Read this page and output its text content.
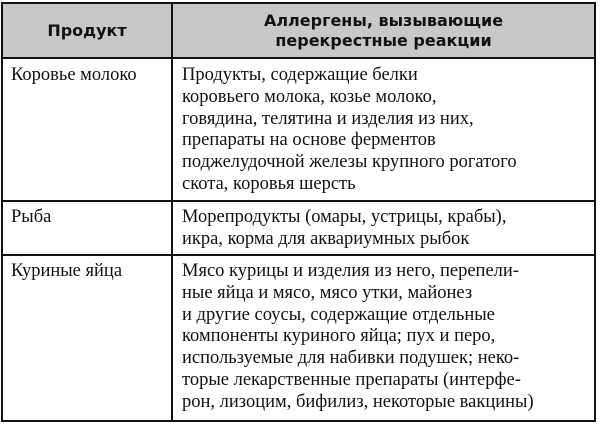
Продукт
Аллергены, вызывающие
перекрестные реакции
Коровье молоко Продукты, содержащие белки
коровьего молока, козье молоко,
говядина, телятина и изделия из них,
препараты на основе ферментов
поджелудочной железы крупного рогатого
скота, коровья шерсть
Рыба	Морепродукты (омары, устрицы, крабы),
икра, корма для аквариумных рыбок
Куриные яйца	Мясо курицы и изделия из него, перепели-
ные яйца и мясо, мясо утки, майонез
и другие соусы, содержащие отдельные
компоненты куриного яйца; пух и перо,
используемые для набивки подушек; неко-
торые лекарственные препараты (интерфе-
рон, лизоцим, бифилиз, некоторые вакцины)
